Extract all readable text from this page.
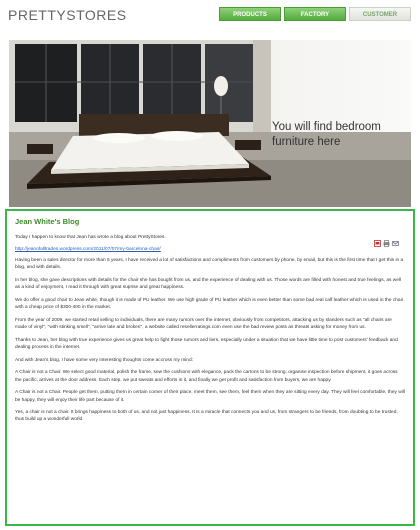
PRETTYSTORES	PRODUCTS	FACTORY	CUSTOMER
You will find bedroom furniture here
Jean White's Blog
Today I happen to know that Jean has wrote a blog about PrettyStores.
http://jeanofalltrades.wordpress.com/2011/07/07/my-barcelona-chair/
Having been a sales director for more than 5 years, I have received a lot of satisfactions and compliments from customers by phone, by email, but this is the first time that I get this in a blog, and with details.
In her blog, she gave descriptions with details for the chair she has bought from us, and the experience of dealing with us. Those words are filled with honest and true feelings, as well as a kind of enjoyment, I read it through with great suprise and great happiness.
We do offer a good chair to Jean white, though it is made of PU leather. We use high grade of PU leather which is even better than some bad real calf leather which is used in the chair with a cheap price of $300-400 in the market.
From the year of 2009, we started retail selling to individuals, there are many rumors over the internet, obviously from competitors, attacking us by slanders such as "all chairs are made of vinyl", "with stinking smell", "arrive late and broken", a website called resellerratings.com even use the bad review posts as threats asking for money from us.
Thanks to Jean, her blog with true experience gives us great help to fight those rumors and liers, especially under a situation that we have little time to post customers' feedback and dealing process in the internet.
And with Jean's blog, I have some very interesting thoughts come accross my mind:
A Chair is not a Chair. We select good material, polish the frame, sew the cushions with elegance, pack the cartons to be strong, organise inspection before shipment, it goes across the pacific, arrives at the door address. Each step, we put sweats and efforts in it, and finally we get profit and satisfaction from buyers, we are happy.
A Chair is not a Chair. People get them, putting them in certain corner of their place, meet them, see them, feel them when they are sitting every day. They will feel comfortable, they will be happy, they will enjoy their life part because of it.
Yes, a chair is not a chair. It brings happiness to both of us, and not just happiness. It is a miracle that connects you and us, from strangers to be friends, from doubting to be trusted, thus build up a wonderfull world.
